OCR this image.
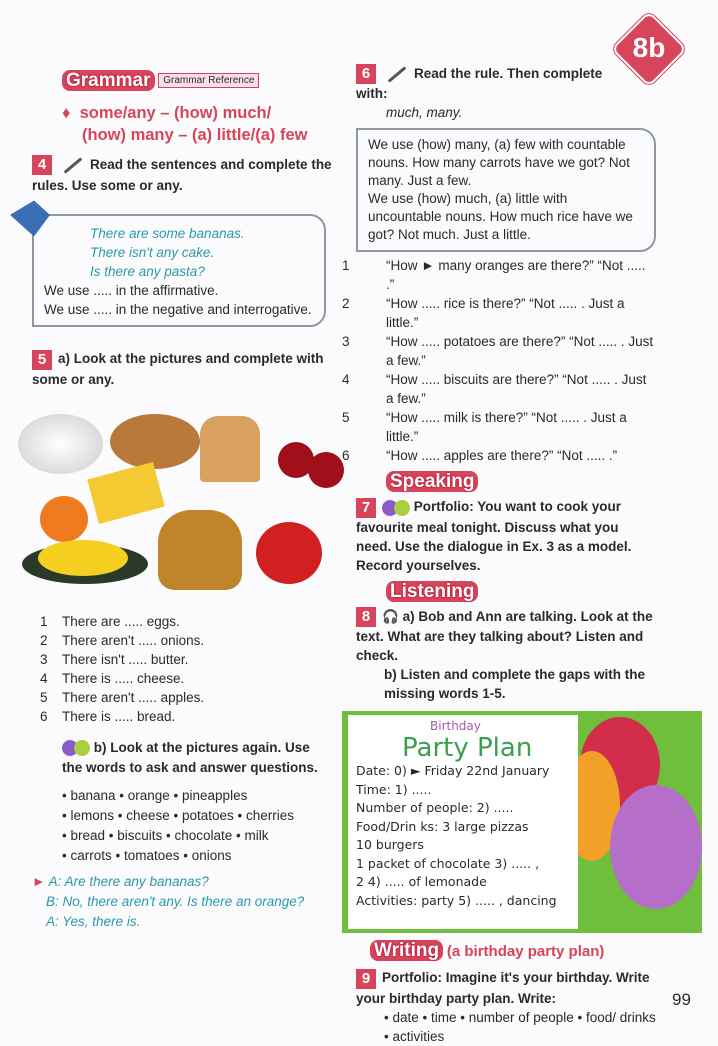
8b
Grammar $^{Grammar Reference}$
♦  some/any – (how) much/
(how) many – (a) little/(a) few
4	Read the sentences and complete the rules. Use some or any.
There are some bananas.
There isn't any cake.
Is there any pasta?
We use ..... in the affirmative.
We use ..... in the negative and interrogative.
5 a) Look at the pictures and complete with some or any.
1 There are ..... eggs.
2 There aren't ..... onions.
3 There isn't ..... butter.
4 There is ..... cheese.
5 There aren't ..... apples.
6 There is ..... bread.
b) Look at the pictures again. Use the words to ask and answer questions.
• banana • orange • pineapples
• lemons • cheese • potatoes • cherries
• bread • biscuits • chocolate • milk
• carrots • tomatoes • onions
► A: Are there any bananas?
B: No, there aren't any. Is there an orange?
A: Yes, there is.
6	Read the rule. Then complete with:
much, many.
We use (how) many, (a) few with countable nouns. How many carrots have we got? Not many. Just a few.
We use (how) much, (a) little with uncountable nouns. How much rice have we got? Not much. Just a little.
1	“How ► many oranges are there?” “Not ..... .”
2	“How ..... rice is there?” “Not ..... . Just a little.”
3	“How ..... potatoes are there?” “Not ..... . Just a few.”
4	“How ..... biscuits are there?” “Not ..... . Just a few.”
5	“How ..... milk is there?” “Not ..... . Just a little.”
6	“How ..... apples are there?” “Not ..... .”
Speaking
7	Portfolio: You want to cook your favourite meal tonight. Discuss what you need. Use the dialogue in Ex. 3 as a model. Record yourselves.
Listening
8 🎧 a) Bob and Ann are talking. Look at the text. What are they talking about? Listen and check.
b) Listen and complete the gaps with the missing words 1-5.
Birthday
Party Plan
Date: 0) ► Friday 22nd January
Time: 1) .....
Number of people: 2) .....
Food/Drin ks: 3 large pizzas
10 burgers
1 packet of chocolate 3) ..... ,
2 4) ..... of lemonade
Activities: party 5) ..... , dancing
Writing (a birthday party plan)
9 Portfolio: Imagine it's your birthday. Write your birthday party plan. Write:
• date • time • number of people • food/ drinks • activities
99
